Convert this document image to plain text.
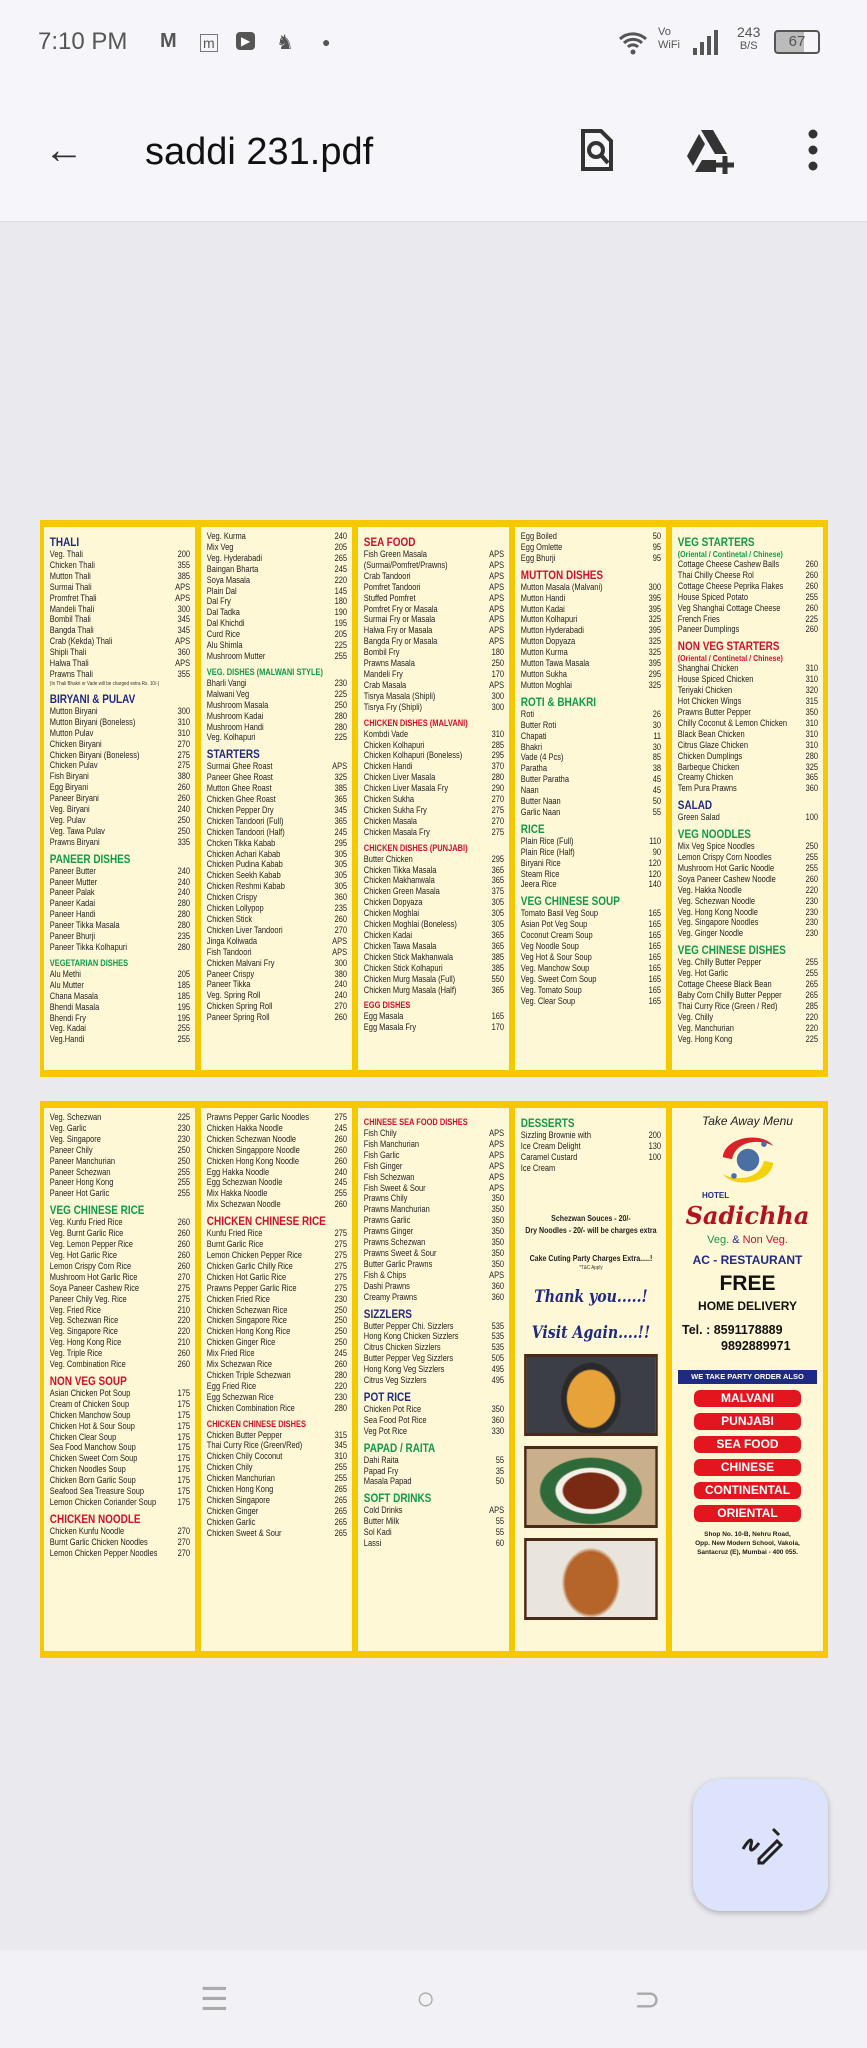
7:10 PM M m	▶ ♞ ●
Vo
WiFi
243
B/S	67
← saddi 231.pdf
THALI
Veg. Thali	200
Chicken Thali	355
Mutton Thali	385
Surmai Thali	APS
Promfret Thali	APS
Mandeli Thali	300
Bombil Thali	345
Bangda Thali	345
Crab (Kekda) Thali	APS
Shipli Thali	360
Halwa Thali	APS
Prawns Thali	355
(In Thali Bhakri or Vade will be charged extra Rs. 10/-)
BIRYANI & PULAV
Mutton Biryani	300
Mutton Biryani (Boneless)	310
Mutton Pulav	310
Chicken Biryani	270
Chicken Biryani (Boneless)	275
Chicken Pulav	275
Fish Biryani	380
Egg Biryani	260
Paneer Biryani	260
Veg. Biryani	240
Veg. Pulav	250
Veg. Tawa Pulav	250
Prawns Biryani	335
PANEER DISHES
Paneer Butter	240
Paneer Mutter	240
Paneer Palak	240
Paneer Kadai	280
Paneer Handi	280
Paneer Tikka Masala	280
Paneer Bhurji	235
Paneer Tikka Kolhapuri	280
VEGETARIAN DISHES
Alu Methi	205
Alu Mutter	185
Chana Masala	185
Bhendi Masala	195
Bhendi Fry	195
Veg. Kadai	255
Veg.Handi	255
Veg. Kurma	240
Mix Veg	205
Veg. Hyderabadi	265
Baingan Bharta	245
Soya Masala	220
Plain Dal	145
Dal Fry	180
Dal Tadka	190
Dal Khichdi	195
Curd Rice	205
Alu Shimla	225
Mushroom Mutter	255
VEG. DISHES (MALWANI STYLE)
Bharli Vangi	230
Malwani Veg	225
Mushroom Masala	250
Mushroom Kadai	280
Mushroom Handi	280
Veg. Kolhapuri	225
STARTERS
Surmai Ghee Roast	APS
Paneer Ghee Roast	325
Mutton Ghee Roast	385
Chicken Ghee Roast	365
Chicken Pepper Dry	345
Chicken Tandoori (Full)	365
Chicken Tandoori (Half)	245
Chcken Tikka Kabab	295
Chicken Achari Kabab	305
Chicken Pudina Kabab	305
Chicken Seekh Kabab	305
Chicken Reshmi Kabab	305
Chicken Crispy	360
Chicken Lollypop	235
Chicken Stick	260
Chicken Liver Tandoori	270
Jinga Koliwada	APS
Fish Tandoori	APS
Chicken Malvani Fry	300
Paneer Crispy	380
Paneer Tikka	240
Veg. Spring Roll	240
Chicken Spring Roll	270
Paneer Spring Roll	260
SEA FOOD
Fish Green Masala	APS
(Surmai/Pomfret/Prawns)	APS
Crab Tandoori	APS
Pomfret Tandoori	APS
Stuffed Pomfret	APS
Pomfret Fry or Masala	APS
Surmai Fry or Masala	APS
Halwa Fry or Masala	APS
Bangda Fry or Masala	APS
Bombil Fry	180
Prawns Masala	250
Mandeli Fry	170
Crab Masala	APS
Tisrya Masala (Shipli)	300
Tisrya Fry (Shipli)	300
CHICKEN DISHES (MALVANI)
Kombdi Vade	310
Chicken Kolhapuri	285
Chicken Kolhapuri (Boneless)	295
Chicken Handi	370
Chicken Liver Masala	280
Chicken Liver Masala Fry	290
Chicken Sukha	270
Chicken Sukha Fry	275
Chicken Masala	270
Chicken Masala Fry	275
CHICKEN DISHES (PUNJABI)
Butter Chicken	295
Chicken Tikka Masala	365
Chicken Makhanwala	365
Chicken Green Masala	375
Chicken Dopyaza	305
Chicken Moghlai	305
Chicken Moghlai (Boneless)	305
Chicken Kadai	365
Chicken Tawa Masala	365
Chicken Stick Makhanwala	385
Chicken Stick Kolhapuri	385
Chicken Murg Masala (Full)	550
Chicken Murg Masala (Half)	365
EGG DISHES
Egg Masala	165
Egg Masala Fry	170
Egg Boiled	50
Egg Omlette	95
Egg Bhurji	95
MUTTON DISHES
Mutton Masala (Malvani)	300
Mutton Handi	395
Mutton Kadai	395
Mutton Kolhapuri	325
Mutton Hyderabadi	395
Mutton Dopyaza	325
Mutton Kurma	325
Mutton Tawa Masala	395
Mutton Sukha	295
Mutton Moghlai	325
ROTI & BHAKRI
Roti	26
Butter Roti	30
Chapati	11
Bhakri	30
Vade (4 Pcs)	85
Paratha	38
Butter Paratha	45
Naan	45
Butter Naan	50
Garlic Naan	55
RICE
Plain Rice (Full)	110
Plain Rice (Half)	90
Biryani Rice	120
Steam Rice	120
Jeera Rice	140
VEG CHINESE SOUP
Tomato Basil Veg Soup	165
Asian Pot Veg Soup	165
Coconut Cream Soup	165
Veg Noodle Soup	165
Veg Hot & Sour Soup	165
Veg. Manchow Soup	165
Veg. Sweet Corn Soup	165
Veg. Tomato Soup	165
Veg. Clear Soup	165
VEG STARTERS
(Oriental / Continetal / Chinese)
Cottage Cheese Cashew Balls	260
Thai Chilly Cheese Rol	260
Cottage Cheese Peprika Flakes 260
House Spiced Potato	255
Veg Shanghai Cottage Cheese	260
French Fries	225
Paneer Dumplings	260
NON VEG STARTERS
(Oriental / Continetal / Chinese)
Shanghai Chicken	310
House Spiced Chicken	310
Teriyaki Chicken	320
Hot Chicken Wings	315
Prawns Butter Pepper	350
Chilly Coconut & Lemon Chicken 310
Black Bean Chicken	310
Citrus Glaze Chicken	310
Chicken Dumplings	280
Barbeque Chicken	325
Creamy Chicken	365
Tem Pura Prawns	360
SALAD
Green Salad	100
VEG NOODLES
Mix Veg Spice Noodles	250
Lemon Crispy Corn Noodles	255
Mushroom Hot Garlic Noodle	255
Soya Paneer Cashew Noodle	260
Veg. Hakka Noodle	220
Veg. Schezwan Noodle	230
Veg. Hong Kong Noodle	230
Veg. Singapore Noodles	230
Veg. Ginger Noodle	230
VEG CHINESE DISHES
Veg. Chilly Butter Pepper	255
Veg. Hot Garlic	255
Cottage Cheese Black Bean	265
Baby Corn Chilly Butter Pepper	265
Thai Curry Rice (Green / Red)	285
Veg. Chilly	220
Veg. Manchurian	220
Veg. Hong Kong	225
Veg. Schezwan	225
Veg. Garlic	230
Veg. Singapore	230
Paneer Chily	250
Paneer Manchurian	250
Paneer Schezwan	255
Paneer Hong Kong	255
Paneer Hot Garlic	255
VEG CHINESE RICE
Veg. Kunfu Fried Rice	260
Veg. Burnt Garlic Rice	260
Veg. Lemon Pepper Rice	260
Veg. Hot Garlic Rice	260
Lemon Crispy Corn Rice	260
Mushroom Hot Garlic Rice	270
Soya Paneer Cashew Rice	275
Paneer Chily Veg. Rice	275
Veg. Fried Rice	210
Veg. Schezwan Rice	220
Veg. Singapore Rice	220
Veg. Hong Kong Rice	210
Veg. Triple Rice	260
Veg. Combination Rice	260
NON VEG SOUP
Asian Chicken Pot Soup	175
Cream of Chicken Soup	175
Chicken Manchow Soup	175
Chicken Hot & Sour Soup	175
Chicken Clear Soup	175
Sea Food Manchow Soup	175
Chicken Sweet Corn Soup	175
Chicken Noodles Soup	175
Chicken Born Garlic Soup	175
Seafood Sea Treasure Soup	175
Lemon Chicken Coriander Soup 175
CHICKEN NOODLE
Chicken Kunfu Noodle	270
Burnt Garlic Chicken Noodles	270
Lemon Chicken Pepper Noodles 270
Prawns Pepper Garlic Noodles	275
Chicken Hakka Noodle	245
Chicken Schezwan Noodle	260
Chicken Singappore Noodle	260
Chicken Hong Kong Noodle	260
Egg Hakka Noodle	240
Egg Schezwan Noodle	245
Mix Hakka Noodle	255
Mix Schezwan Noodle	260
CHICKEN CHINESE RICE
Kunfu Fried Rice	275
Burnt Garlic Rice	275
Lemon Chicken Pepper Rice	275
Chicken Garlic Chilly Rice	275
Chicken Hot Garlic Rice	275
Prawns Pepper Garlic Rice	275
Chicken Fried Rice	230
Chicken Schezwan Rice	250
Chicken Singapore Rice	250
Chicken Hong Kong Rice	250
Chicken Ginger Rice	250
Mix Fried Rice	245
Mix Schezwan Rice	260
Chicken Triple Schezwan	280
Egg Fried Rice	220
Egg Schezwan Rice	230
Chicken Combination Rice	280
CHICKEN CHINESE DISHES
Chicken Butter Pepper	315
Thai Curry Rice (Green/Red)	345
Chicken Chily Coconut	310
Chicken Chily	255
Chicken Manchurian	255
Chicken Hong Kong	265
Chicken Singapore	265
Chicken Ginger	265
Chicken Garlic	265
Chicken Sweet & Sour	265
CHINESE SEA FOOD DISHES
Fish Chily	APS
Fish Manchurian	APS
Fish Garlic	APS
Fish Ginger	APS
Fish Schezwan	APS
Fish Sweet & Sour	APS
Prawns Chily	350
Prawns Manchurian	350
Prawns Garlic	350
Prawns Ginger	350
Prawns Schezwan	350
Prawns Sweet & Sour	350
Butter Garlic Prawns	350
Fish & Chips	APS
Dashi Prawns	360
Creamy Prawns	360
SIZZLERS
Butter Pepper Chi. Sizzlers	535
Hong Kong Chicken Sizzlers	535
Citrus Chicken Sizzlers	535
Butter Pepper Veg Sizzlers	505
Hong Kong Veg Sizzlers	495
Citrus Veg Sizzlers	495
POT RICE
Chicken Pot Rice	350
Sea Food Pot Rice	360
Veg Pot Rice	330
PAPAD / RAITA
Dahi Raita	55
Papad Fry	35
Masala Papad	50
SOFT DRINKS
Cold Drinks	APS
Butter Milk	55
Sol Kadi	55
Lassi	60
DESSERTS
Sizzling Brownie with	200
Ice Cream Delight	130
Caramel Custard	100
Ice Cream
Schezwan Souces - 20/-
Dry Noodles - 20/- will be charges extra
Cake Cuting Party Charges Extra.....!
*T&C Apply
Thank you.....!
Visit Again....!!
Take Away Menu
HOTEL
Sadichha
Veg. & Non Veg.
AC - RESTAURANT
FREE
HOME DELIVERY
Tel. : 8591178889
9892889971
WE TAKE PARTY ORDER ALSO
MALVANI
PUNJABI
SEA FOOD
CHINESE
CONTINENTAL
ORIENTAL
Shop No. 10-B, Nehru Road,
Opp. New Modern School, Vakola,
Santacruz (E), Mumbai - 400 055.
☰	○	⊃
